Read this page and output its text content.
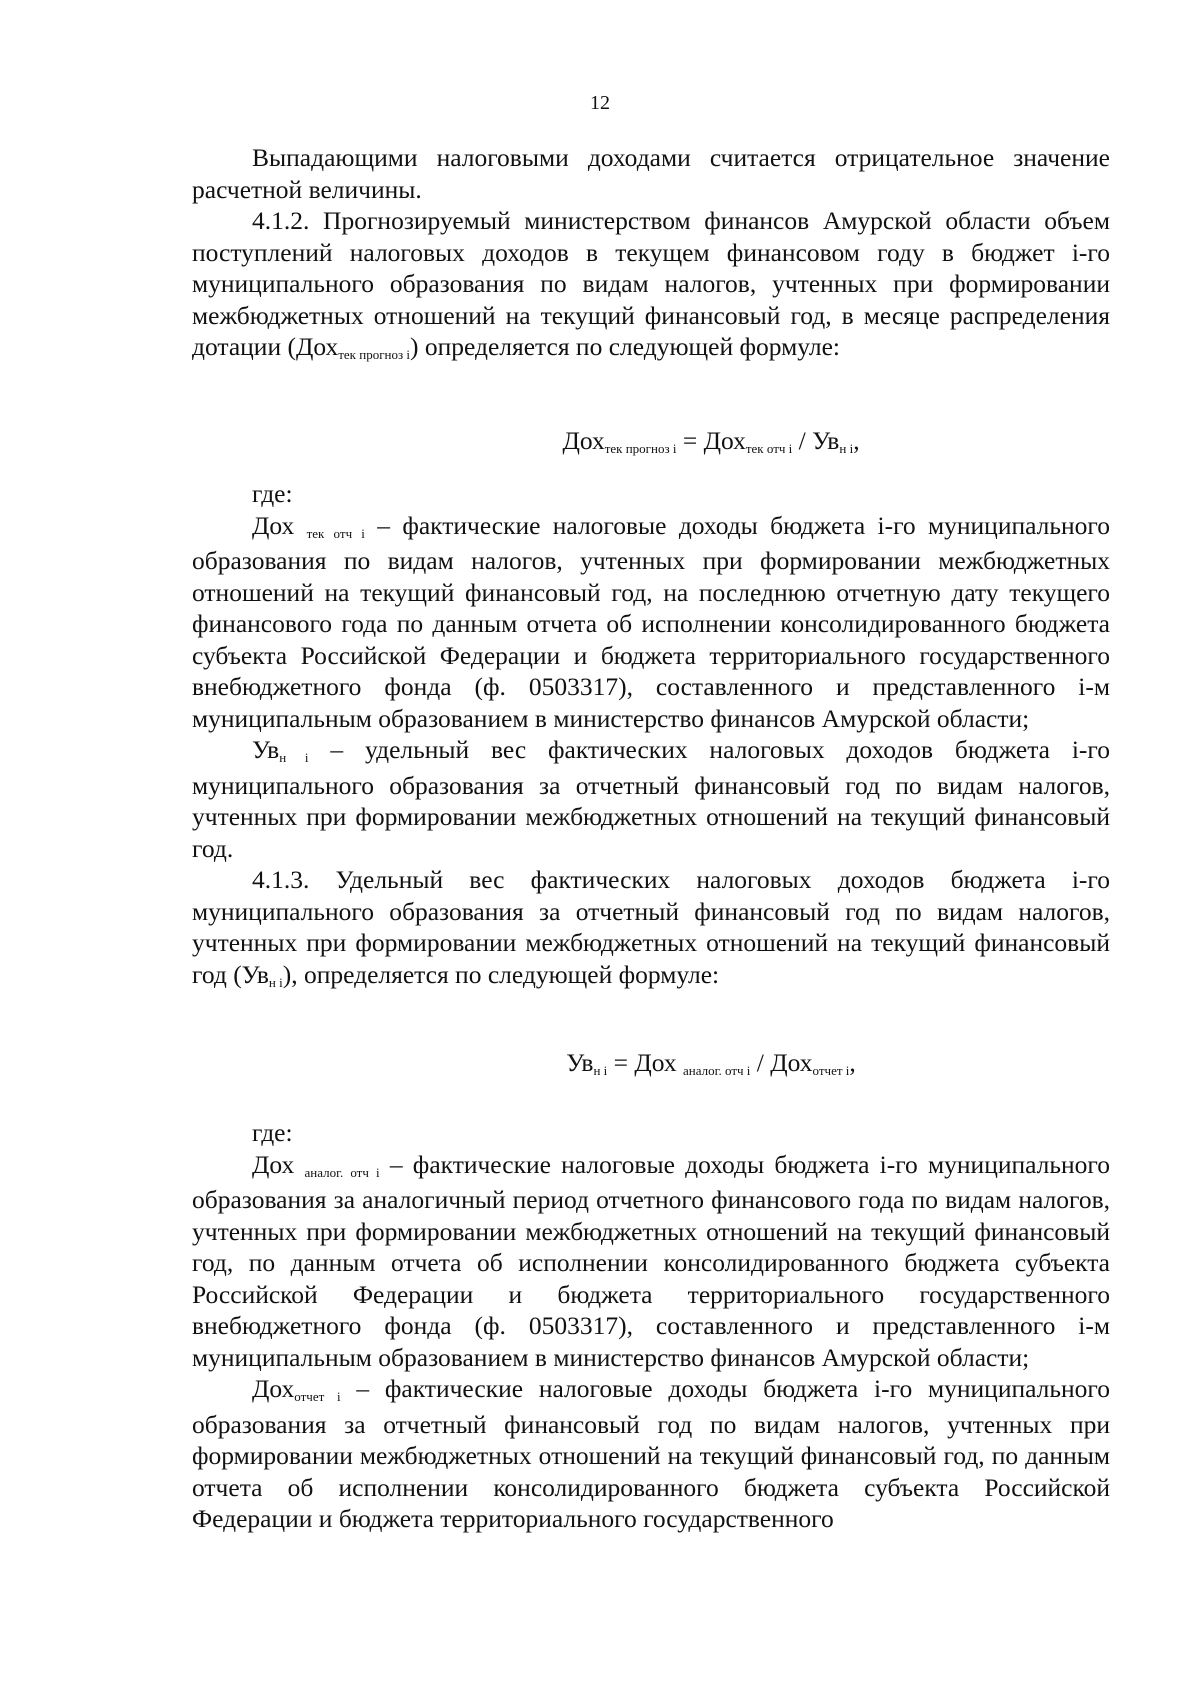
12

Выпадающими налоговыми доходами считается отрицательное значение расчетной величины.

4.1.2. Прогнозируемый министерством финансов Амурской области объем поступлений налоговых доходов в текущем финансовом году в бюджет i-го муниципального образования по видам налогов, учтенных при формировании межбюджетных отношений на текущий финансовый год, в месяце распределения дотации (Дох$_{тек прогноз i}$) определяется по следующей формуле:

$Дох_{тек прогноз i} = Дох_{тек отч i} / Ув_{н i}$,

где:

Дох $_{тек отч i}$ – фактические налоговые доходы бюджета i-го муниципального образования по видам налогов, учтенных при формировании межбюджетных отношений на текущий финансовый год, на последнюю отчетную дату текущего финансового года по данным отчета об исполнении консолидированного бюджета субъекта Российской Федерации и бюджета территориального государственного внебюджетного фонда (ф. 0503317), составленного и представленного i-м муниципальным образованием в министерство финансов Амурской области;

$Ув_{н i}$ – удельный вес фактических налоговых доходов бюджета i-го муниципального образования за отчетный финансовый год по видам налогов, учтенных при формировании межбюджетных отношений на текущий финансовый год.

4.1.3. Удельный вес фактических налоговых доходов бюджета i-го муниципального образования за отчетный финансовый год по видам налогов, учтенных при формировании межбюджетных отношений на текущий финансовый год $(Ув_{н i})$, определяется по следующей формуле:

$Ув_{н i}$ = Дох $_{аналог. отч i}$ / Дох$_{отчет i}$,

где:

Дох $_{аналог. отч i}$ – фактические налоговые доходы бюджета i-го муниципального образования за аналогичный период отчетного финансового года по видам налогов, учтенных при формировании межбюджетных отношений на текущий финансовый год, по данным отчета об исполнении консолидированного бюджета субъекта Российской Федерации и бюджета территориального государственного внебюджетного фонда (ф. 0503317), составленного и представленного i-м муниципальным образованием в министерство финансов Амурской области;

Дох$_{отчет i}$ – фактические налоговые доходы бюджета i-го муниципального образования за отчетный финансовый год по видам налогов, учтенных при формировании межбюджетных отношений на текущий финансовый год, по данным отчета об исполнении консолидированного бюджета субъекта Российской Федерации и бюджета территориального государственного
